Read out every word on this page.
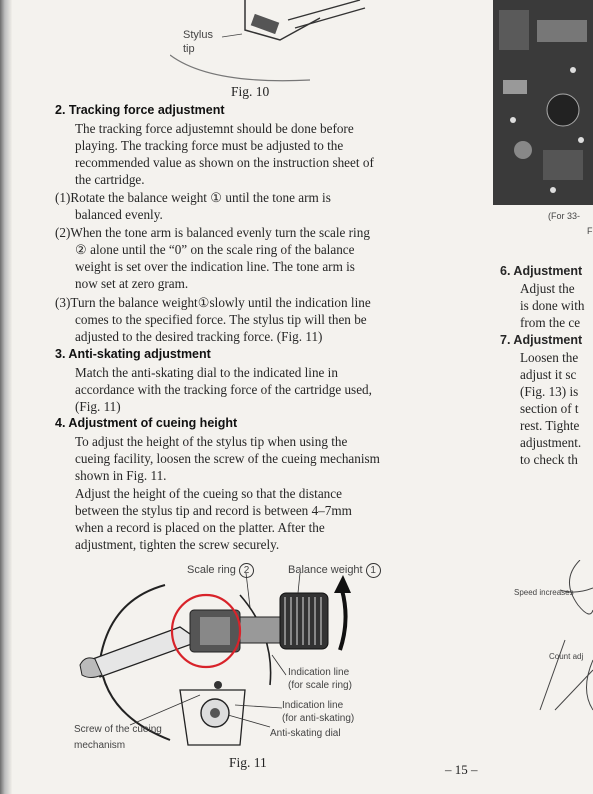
Stylus
tip
Fig. 10
2. Tracking force adjustment
The tracking force adjustemnt should be done before
playing. The tracking force must be adjusted to the
recommended value as shown on the instruction sheet of
the cartridge.
(1)Rotate the balance weight ① until the tone arm is
balanced evenly.
(2)When the tone arm is balanced evenly turn the scale ring
② alone until the “0” on the scale ring of the balance
weight is set over the indication line. The tone arm is
now set at zero gram.
(3)Turn the balance weight①slowly until the indication line
comes to the specified force. The stylus tip will then be
adjusted to the desired tracking force. (Fig. 11)
3. Anti-skating adjustment
Match the anti-skating dial to the indicated line in
accordance with the tracking force of the cartridge used,
(Fig. 11)
4. Adjustment of cueing height
To adjust the height of the stylus tip when using the
cueing facility, loosen the screw of the cueing mechanism
shown in Fig. 11.
Adjust the height of the cueing so that the distance
between the stylus tip and record is between 4–7mm
when a record is placed on the platter. After the
adjustment, tighten the screw securely.
Scale ring 2	Balance weight 1
Indication line
(for scale ring)
Indication line
(for anti-skating)
Anti-skating dial
Screw of the cueing
mechanism
Fig. 11	– 15 –
(For 33-
F
6. Adjustment
Adjust the
is done with
from the ce
7. Adjustment
Loosen the
adjust it sc
(Fig. 13) is
section of t
rest. Tighte
adjustment.
to check th
Speed increases
Count adj
